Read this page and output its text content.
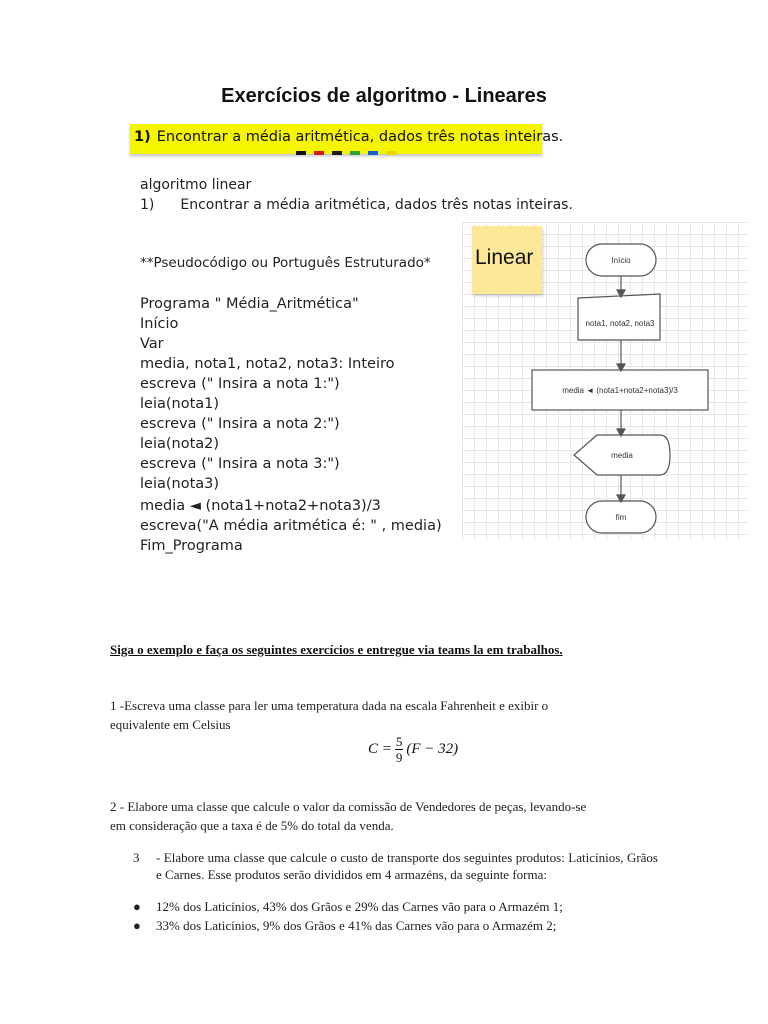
Exercícios de algoritmo - Lineares
1) Encontrar a média aritmética, dados três notas inteiras.
algoritmo linear
1) Encontrar a média aritmética, dados três notas inteiras.
**Pseudocódigo ou Português Estruturado*	Início
nota1, nota2, nota3
media ◄ (nota1+nota2+nota3)/3
media
fim
Linear
Programa " Média_Aritmética"
Início
Var
media, nota1, nota2, nota3: Inteiro
escreva (" Insira a nota 1:")
leia(nota1)
escreva (" Insira a nota 2:")
leia(nota2)
escreva (" Insira a nota 3:")
leia(nota3)
media ◄ (nota1+nota2+nota3)/3
escreva("A média aritmética é: " , media)
Fim_Programa
Siga o exemplo e faça os seguintes exercícios e entregue via teams la em trabalhos.
1 -Escreva uma classe para ler uma temperatura dada na escala Fahrenheit e exibir o
equivalente em Celsius
$C = \frac{5}{9} (F - 32)$
2 - Elabore uma classe que calcule o valor da comissão de Vendedores de peças, levando-se
em consideração que a taxa é de 5% do total da venda.
3 - Elabore uma classe que calcule o custo de transporte dos seguintes produtos: Laticínios, Grãos e Carnes. Esse produtos serão divididos em 4 armazéns, da seguinte forma:
● 12% dos Laticínios, 43% dos Grãos e 29% das Carnes vão para o Armazém 1;
● 33% dos Laticínios, 9% dos Grãos e 41% das Carnes vão para o Armazém 2;
